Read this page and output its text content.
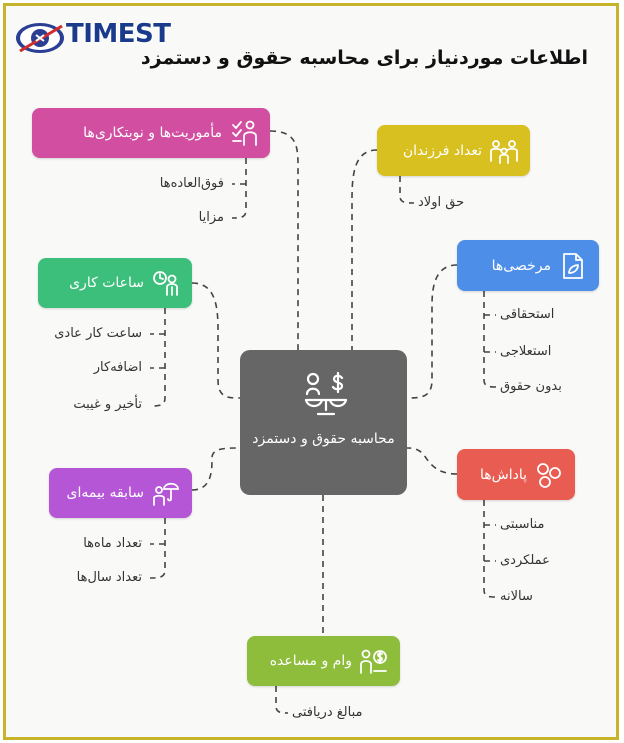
TIMEST
اطلاعات موردنیاز برای محاسبه حقوق و دستمزد
محاسبه حقوق و دستمزد
مأموریت‌ها و نوبتکاری‌ها
ساعات کاری
سابقه بیمه‌ای
تعداد فرزندان
مرخصی‌ها
پاداش‌ها
وام و مساعده
فوق‌العاده‌ها
مزایا
ساعت کار عادی
اضافه‌کار
تأخیر و غیبت
تعداد ماه‌ها
تعداد سال‌ها
حق اولاد
استحقاقی
استعلاجی
بدون حقوق
مناسبتی
عملکردی
سالانه
مبالغ دریافتی
